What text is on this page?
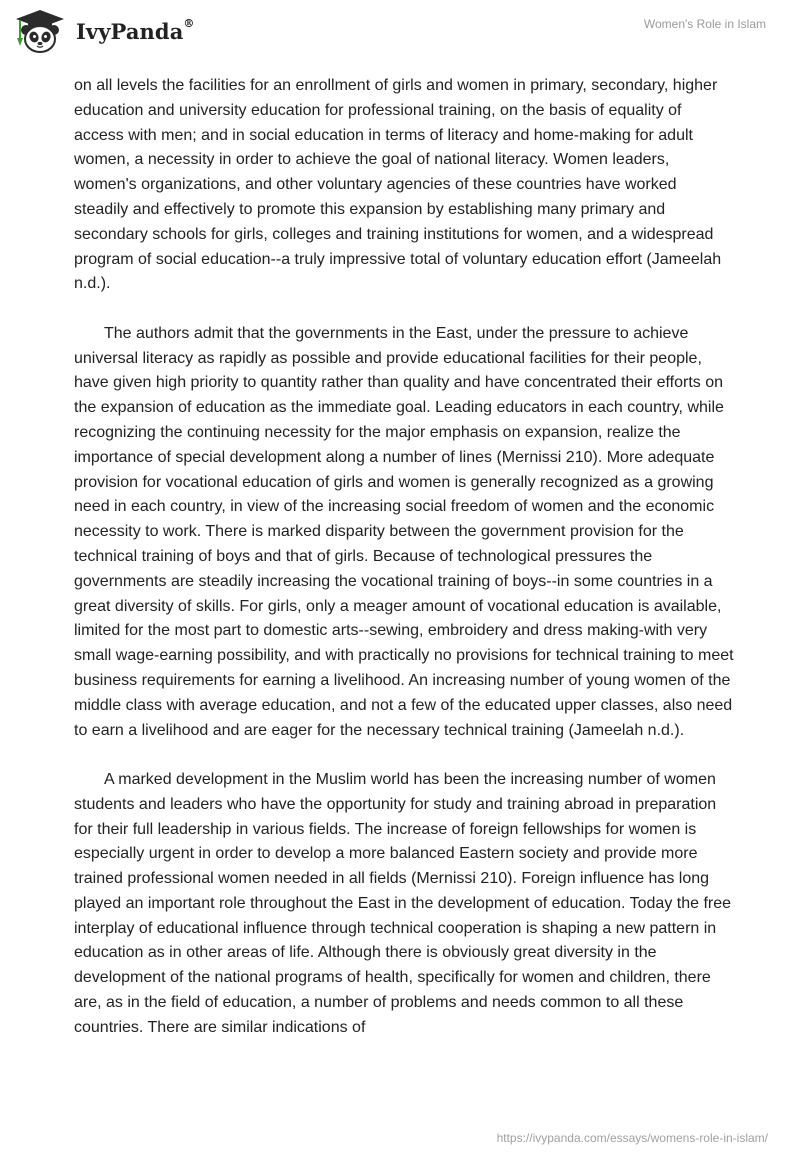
IvyPanda®	Women's Role in Islam

on all levels the facilities for an enrollment of girls and women in primary, secondary, higher education and university education for professional training, on the basis of equality of access with men; and in social education in terms of literacy and home-making for adult women, a necessity in order to achieve the goal of national literacy. Women leaders, women's organizations, and other voluntary agencies of these countries have worked steadily and effectively to promote this expansion by establishing many primary and secondary schools for girls, colleges and training institutions for women, and a widespread program of social education--a truly impressive total of voluntary education effort (Jameelah n.d.).

The authors admit that the governments in the East, under the pressure to achieve universal literacy as rapidly as possible and provide educational facilities for their people, have given high priority to quantity rather than quality and have concentrated their efforts on the expansion of education as the immediate goal. Leading educators in each country, while recognizing the continuing necessity for the major emphasis on expansion, realize the importance of special development along a number of lines (Mernissi 210). More adequate provision for vocational education of girls and women is generally recognized as a growing need in each country, in view of the increasing social freedom of women and the economic necessity to work. There is marked disparity between the government provision for the technical training of boys and that of girls. Because of technological pressures the governments are steadily increasing the vocational training of boys--in some countries in a great diversity of skills. For girls, only a meager amount of vocational education is available, limited for the most part to domestic arts--sewing, embroidery and dress making-with very small wage-earning possibility, and with practically no provisions for technical training to meet business requirements for earning a livelihood. An increasing number of young women of the middle class with average education, and not a few of the educated upper classes, also need to earn a livelihood and are eager for the necessary technical training (Jameelah n.d.).

A marked development in the Muslim world has been the increasing number of women students and leaders who have the opportunity for study and training abroad in preparation for their full leadership in various fields. The increase of foreign fellowships for women is especially urgent in order to develop a more balanced Eastern society and provide more trained professional women needed in all fields (Mernissi 210). Foreign influence has long played an important role throughout the East in the development of education. Today the free interplay of educational influence through technical cooperation is shaping a new pattern in education as in other areas of life. Although there is obviously great diversity in the development of the national programs of health, specifically for women and children, there are, as in the field of education, a number of problems and needs common to all these countries. There are similar indications of

https://ivypanda.com/essays/womens-role-in-islam/
